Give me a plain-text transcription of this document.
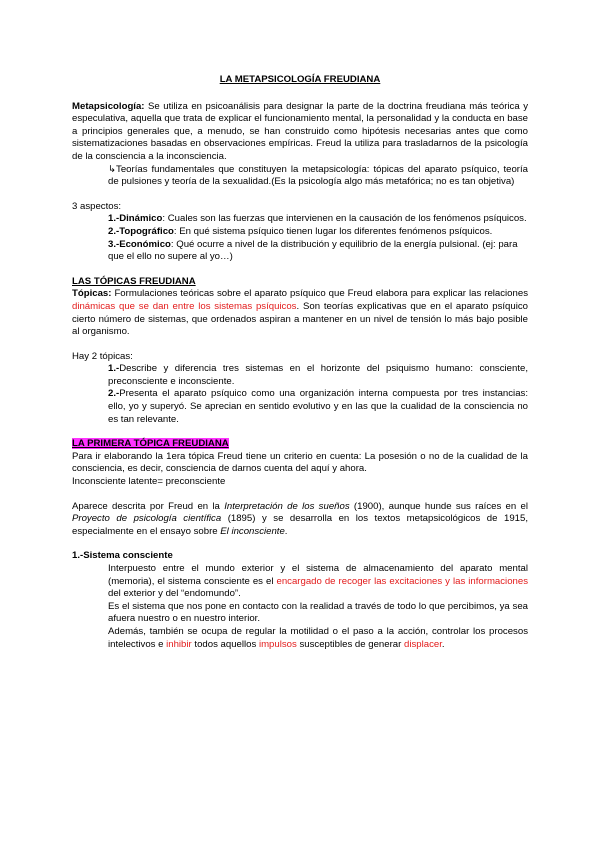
LA METAPSICOLOGÍA FREUDIANA

Metapsicología: Se utiliza en psicoanálisis para designar la parte de la doctrina freudiana más teórica y especulativa, aquella que trata de explicar el funcionamiento mental, la personalidad y la conducta en base a principios generales que, a menudo, se han construido como hipótesis necesarias antes que como sistematizaciones basadas en observaciones empíricas. Freud la utiliza para trasladarnos de la psicología de la consciencia a la inconsciencia.

↳Teorías fundamentales que constituyen la metapsicología: tópicas del aparato psíquico, teoría de pulsiones y teoría de la sexualidad.(Es la psicología algo más metafórica; no es tan objetiva)

3 aspectos:

1.-Dinámico: Cuales son las fuerzas que intervienen en la causación de los fenómenos psíquicos.

2.-Topográfico: En qué sistema psíquico tienen lugar los diferentes fenómenos psíquicos.

3.-Económico: Qué ocurre a nivel de la distribución y equilibrio de la energía pulsional. (ej: para que el ello no supere al yo…)

LAS TÓPICAS FREUDIANA

Tópicas: Formulaciones teóricas sobre el aparato psíquico que Freud elabora para explicar las relaciones dinámicas que se dan entre los sistemas psíquicos. Son teorías explicativas que en el aparato psíquico cierto número de sistemas, que ordenados aspiran a mantener en un nivel de tensión lo más bajo posible al organismo.

Hay 2 tópicas:

1.-Describe y diferencia tres sistemas en el horizonte del psiquismo humano: consciente, preconsciente e inconsciente.

2.-Presenta el aparato psíquico como una organización interna compuesta por tres instancias: ello, yo y superyó. Se aprecian en sentido evolutivo y en las que la cualidad de la consciencia no es tan relevante.

LA PRIMERA TÓPICA FREUDIANA

Para ir elaborando la 1era tópica Freud tiene un criterio en cuenta: La posesión o no de la cualidad de la consciencia, es decir, consciencia de darnos cuenta del aquí y ahora.

Inconsciente latente= preconsciente

Aparece descrita por Freud en la Interpretación de los sueños (1900), aunque hunde sus raíces en el Proyecto de psicología científica (1895) y se desarrolla en los textos metapsicológicos de 1915, especialmente en el ensayo sobre El inconsciente.

1.-Sistema consciente

Interpuesto entre el mundo exterior y el sistema de almacenamiento del aparato mental (memoria), el sistema consciente es el encargado de recoger las excitaciones y las informaciones del exterior y del “endomundo”.

Es el sistema que nos pone en contacto con la realidad a través de todo lo que percibimos, ya sea afuera nuestro o en nuestro interior.

Además, también se ocupa de regular la motilidad o el paso a la acción, controlar los procesos intelectivos e inhibir todos aquellos impulsos susceptibles de generar displacer.
